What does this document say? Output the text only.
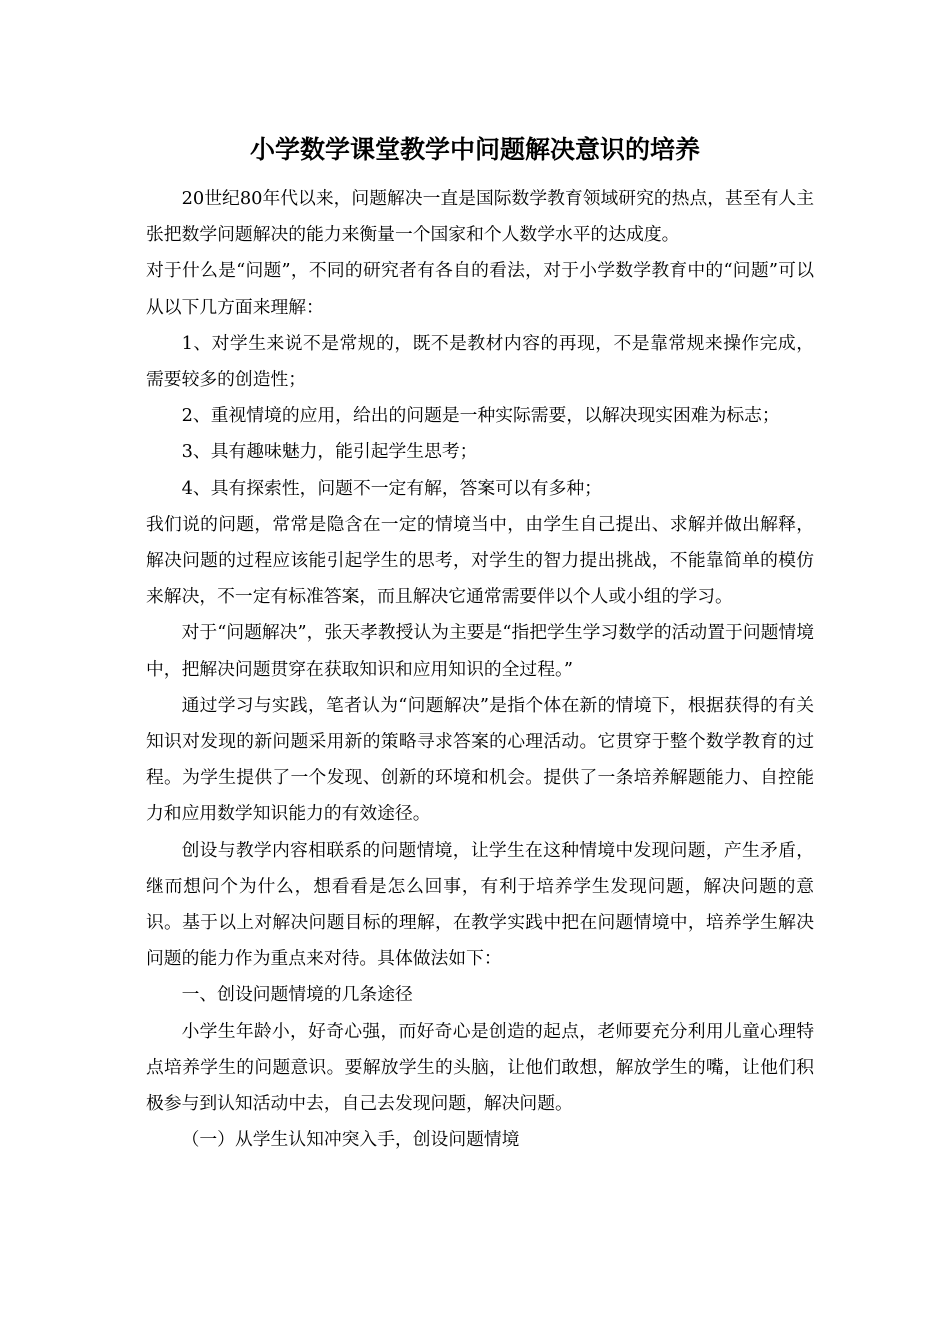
小学数学课堂教学中问题解决意识的培养

20世纪80年代以来，问题解决一直是国际数学教育领域研究的热点，甚至有人主张把数学问题解决的能力来衡量一个国家和个人数学水平的达成度。

对于什么是“问题”，不同的研究者有各自的看法，对于小学数学教育中的“问题”可以从以下几方面来理解：

1、对学生来说不是常规的，既不是教材内容的再现，不是靠常规来操作完成，需要较多的创造性；

2、重视情境的应用，给出的问题是一种实际需要，以解决现实困难为标志；

3、具有趣味魅力，能引起学生思考；

4、具有探索性，问题不一定有解，答案可以有多种；

我们说的问题，常常是隐含在一定的情境当中，由学生自己提出、求解并做出解释，解决问题的过程应该能引起学生的思考，对学生的智力提出挑战，不能靠简单的模仿来解决，不一定有标准答案，而且解决它通常需要伴以个人或小组的学习。

对于“问题解决”，张天孝教授认为主要是“指把学生学习数学的活动置于问题情境中，把解决问题贯穿在获取知识和应用知识的全过程。”

通过学习与实践，笔者认为“问题解决”是指个体在新的情境下，根据获得的有关知识对发现的新问题采用新的策略寻求答案的心理活动。它贯穿于整个数学教育的过程。为学生提供了一个发现、创新的环境和机会。提供了一条培养解题能力、自控能力和应用数学知识能力的有效途径。

创设与教学内容相联系的问题情境，让学生在这种情境中发现问题，产生矛盾，继而想问个为什么，想看看是怎么回事，有利于培养学生发现问题，解决问题的意识。基于以上对解决问题目标的理解，在教学实践中把在问题情境中，培养学生解决问题的能力作为重点来对待。具体做法如下：

一、创设问题情境的几条途径

小学生年龄小，好奇心强，而好奇心是创造的起点，老师要充分利用儿童心理特点培养学生的问题意识。要解放学生的头脑，让他们敢想，解放学生的嘴，让他们积极参与到认知活动中去，自己去发现问题，解决问题。

（一）从学生认知冲突入手，创设问题情境
